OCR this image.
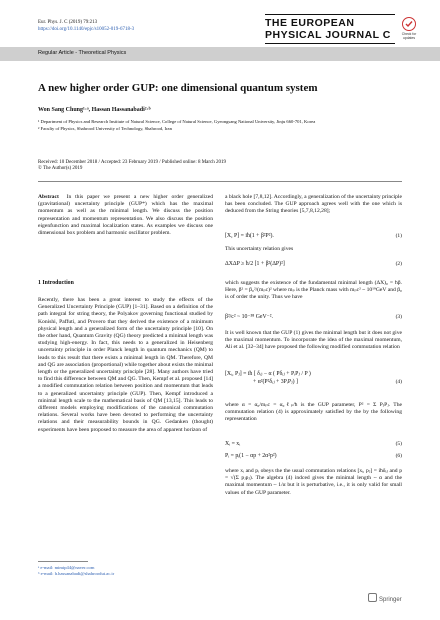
Eur. Phys. J. C (2019) 79:213
https://doi.org/10.1140/epjc/s10052-019-6718-3
THE EUROPEAN
PHYSICAL JOURNAL C	Check for updates
Regular Article - Theoretical Physics
A new higher order GUP: one dimensional quantum system
Won Sang Chung¹·ᵃ, Hassan Hassanabadi²·ᵇ
¹ Department of Physics and Research Institute of Natural Science, College of Natural Science, Gyeongsang National University, Jinju 660-701, Korea
² Faculty of Physics, Shahrood University of Technology, Shahrood, Iran
Received: 10 December 2018 / Accepted: 23 February 2019 / Published online: 8 March 2019
© The Author(s) 2019
Abstract In this paper we present a new higher order generalized (gravitational) uncertainty principle (GUP*) which has the maximal momentum as well as the minimal length. We discuss the position representation and momentum representation. We also discuss the position eigenfunction and maximal localization states. As examples we discuss one dimensional box problem and harmonic oscillator problem.
1 Introduction
Recently, there has been a great interest to study the effects of the Generalized Uncertainty Principle (GUP) [1–31]. Based on a definition of the path integral for string theory, the Polyakov governing functional studied by Konishi, Paffuti, and Provero that they derived the existence of a minimum physical length and a generalized form of the uncertainty principle [10]. On the other hand, Quantum Gravity (QG) theory predicted a minimal length was studying high-energy. In fact, this needs to a generalized in Heisenberg uncertainty principle in order Planck length in quantum mechanics (QM) to leads to this result that there exists a minimal length in QM. Therefore, QM and QG are association (proportional) while together about exists the minimal length or the generalized uncertainty principle [28]. Many authors have tried to find this difference between QM and QG. Then, Kempf et al. proposed [14] a modified commutation relation between position and momentum that leads to a generalized uncertainty principle (GUP). Then, Kempf introduced a minimal length scale to the mathematical basis of QM [13,15]. This leads to different models employing modifications of the canonical commutation relations. Several works have been devoted to performing the uncertainty relations and their measurability bounds in QG. Gedanken (thought) experiments have been proposed to measure the area of apparent horizon of
ᵃ e-mail: mimip44@naver.com
ᵇ e-mail: h.hassanabadi@shahroodut.ac.ir
a black hole [7,8,12]. Accordingly, a generalization of the uncertainty principle has been concluded. The GUP approach agrees well with the one which is deduced from the String theories [5,7,8,12,28];
[X, P] = iħ(1 + β²P²).	(1)
This uncertainty relation gives
ΔXΔP ≥ ħ/2 [1 + β²(ΔP)²]	(2)
which suggests the existence of the fundamental minimal length (ΔX)₀ = ħβ. Here, β² = β₀²/(mₚc)² where mₚ is the Planck mass with mₚc² ~ 10¹⁹GeV and β₀ is of order the unity. Thus we have
β²/c² ~ 10⁻³⁸ GeV⁻².	(3)
It is well known that the GUP (1) gives the minimal length but it does not give the maximal momentum. To incorporate the idea of the maximal momentum, Ali et al. [32–34] have proposed the following modified commutation relation
[Xᵢ, Pⱼ] = iħ [ δᵢⱼ − α ( Pδᵢⱼ + PᵢPⱼ / P )
+ α²(P²δᵢⱼ + 3PᵢPⱼ) ]	(4)
where α = α₀/mₚc = α₀ℓₚ/ħ is the GUP parameter, P² = Σ PⱼPⱼ. The commutation relation (4) is approximately satisfied by the by the following representation
Xᵢ = xᵢ	(5)
Pᵢ = pᵢ(1 − αp + 2α²p²)	(6)
where xᵢ and pᵢ obeys the the usual commutation relations [xᵢ, pⱼ] = iħδᵢⱼ and p = √(Σ pⱼpⱼ). The algebra (4) indced gives the minimal length ~ α and the maximal momentum ~ 1/α but it is perturbative, i.e., it is only valid for small values of the GUP parameter.
Springer
